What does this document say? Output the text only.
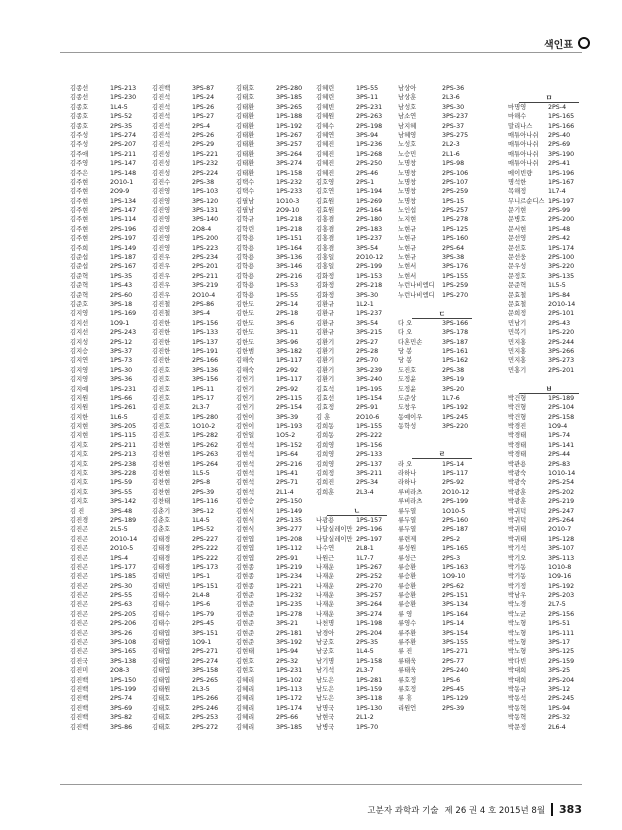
색인표
김종선	1PS-213
김종선	1PS-230
김종호	1L4-5
김종호	1PS-52
김종호	2PS-35
김주성	1PS-274
김주성	2PS-207
김주애	1PS-211
김주영	1PS-147
김주은	1PS-148
김주현	2O10-1
김주현	2O9-9
김주현	1PS-134
김주현	2PS-147
김주현	1PS-114
김주현	2PS-196
김주현	2PS-197
김주희	1PS-149
김준섭	1PS-187
김준섭	2PS-167
김준혁	1PS-35
김준혁	1PS-43
김준혁	2PS-60
김준호	3PS-18
김지영	1PS-169
김지선	1O9-1
김지선	2PS-243
김지성	2PS-12
김지승	3PS-37
김지연	1PS-73
김지영	1PS-30
김지영	3PS-36
김지예	1PS-231
김지원	1PS-66
김지원	1PS-261
김지한	1L6-5
김지현	3PS-205
김지현	1PS-115
김지호	2PS-211
김지호	2PS-213
김지호	2PS-238
김지호	3PS-228
김지호	1PS-59
김지호	3PS-55
김지호	3PS-142
김 진	3PS-48
김진경	2PS-189
김진곤	2L5-5
김진곤	2O10-14
김진곤	2O10-5
김진곤	1PS-4
김진곤	1PS-177
김진곤	1PS-185
김진곤	2PS-30
김진곤	2PS-55
김진곤	2PS-63
김진곤	2PS-205
김진곤	2PS-206
김진곤	3PS-26
김진곤	3PS-108
김진곤	3PS-165
김진국	3PS-138
김진미	2O8-3
김진백	1PS-150
김진백	1PS-199
김진백	2PS-74
김진백	3PS-69
김진백	3PS-82
김진백	3PS-86
김진백	3PS-87
김진석	1PS-24
김진석	1PS-26
김진석	1PS-27
김진석	2PS-4
김진석	2PS-26
김진석	2PS-29
김진성	1PS-221
김진성	1PS-232
김진성	2PS-224
김진수	2PS-38
김진영	1PS-103
김진영	3PS-120
김진영	3PS-131
김진영	3PS-140
김진영	2O8-4
김진영	1PS-200
김진영	1PS-223
김진우	2PS-234
김진우	2PS-201
김진우	2PS-211
김진우	3PS-219
김진우	2O10-4
김진철	2PS-86
김진철	3PS-4
김진한	1PS-156
김진한	1PS-133
김진한	1PS-137
김진한	1PS-191
김진한	2PS-166
김진호	3PS-136
김진호	3PS-156
김진호	1PS-11
김진호	1PS-17
김진호	2L3-7
김진호	1PS-280
김진호	1O10-2
김진호	1PS-282
김찬현	1PS-262
김찬현	1PS-263
김찬현	1PS-264
김찬현	1L5-5
김찬현	2PS-8
김찬현	2PS-39
김찬태	1PS-116
김춘기	3PS-12
김춘호	1L4-5
김춘호	1PS-52
김태경	2PS-227
김태경	2PS-222
김태경	1PS-222
김태경	1PS-173
김태민	1PS-1
김태민	1PS-151
김태수	2L4-8
김태수	1PS-6
김태수	1PS-79
김태수	2PS-45
김태엽	3PS-151
김태엽	1O9-1
김태엽	2PS-271
김태엽	2PS-274
김태엽	3PS-158
김태엽	2PS-265
김태원	2L3-5
김태호	1PS-266
김태호	2PS-246
김태호	2PS-253
김태호	2PS-272
김태호	2PS-280
김태호	3PS-185
김태환	3PS-265
김태환	1PS-188
김태환	1PS-192
김태환	1PS-267
김태환	3PS-257
김태환	3PS-264
김태환	3PS-274
김태환	1PS-158
김택수	1PS-232
김택수	1PS-233
김필남	1O10-3
김필남	2O9-10
김학규	1PS-218
김학린	1PS-218
김학용	1PS-151
김학용	1PS-164
김학용	3PS-136
김학용	3PS-146
김학용	2PS-216
김학용	1PS-53
김학용	1PS-55
김한도	2PS-14
김한도	2PS-18
김한도	3PS-6
김한도	3PS-11
김한도	3PS-96
김한범	3PS-182
김해숙	1PS-117
김해숙	2PS-92
김헌기	1PS-117
김헌기	2PS-92
김헌기	2PS-115
김헌기	2PS-154
김헌이	3PS-39
김헌이	1PS-193
김헌일	1O5-2
김현석	1PS-152
김현석	1PS-64
김현석	2PS-216
김현석	1PS-41
김현석	2PS-71
김현석	2L1-4
김현승	2PS-150
김현식	1PS-149
김현식	2PS-135
김현식	3PS-277
김현엽	1PS-208
김현엽	1PS-112
김현엽	2PS-91
김현종	1PS-219
김현종	1PS-234
김현종	1PS-221
김현준	1PS-232
김현준	1PS-235
김현준	1PS-278
김현준	3PS-21
김현준	2PS-181
김현준	3PS-192
김현태	1PS-94
김현호	2PS-32
김현호	1PS-231
김혜리	1PS-102
김혜리	1PS-113
김혜리	1PS-172
김혜리	1PS-174
김혜리	2PS-66
김혜리	3PS-185
김혜린	1PS-55
김혜린	3PS-11
김혜빈	2PS-231
김혜원	2PS-263
김혜수	2PS-198
김혜연	3PS-94
김혜진	1PS-236
김혜진	1PS-268
김혜진	2PS-250
김혜진	2PS-46
김호영	2PS-1
김호연	1PS-194
김효원	1PS-269
김효원	2PS-164
김홍겸	2PS-180
김홍겸	2PS-183
김홍겸	1PS-237
김홍겸	3PS-54
김홍일	2O10-12
김홍일	2PS-199
김화정	1PS-153
김화정	2PS-218
김화정	3PS-30
김환규	1L2-1
김환규	1PS-237
김환규	3PS-54
김환규	3PS-215
김환기	2PS-27
김환기	2PS-28
김환기	2PS-70
김환기	3PS-239
김환기	3PS-240
김효석	1PS-195
김효선	1PS-154
김효정	2PS-91
김 훈	2O10-6
김희동	1PS-155
김희동	2PS-222
김희영	1PS-156
김희영	2PS-133
김희영	2PS-137
김희정	3PS-211
김희진	2PS-34
김희훈	2L3-4
ㄴ
나광용	1PS-157
나달실레이만 2PS-196
나달실레이만 2PS-197
나수연	2L8-1
나원근	1L7-7
나재운	1PS-267
나재운	2PS-252
나재운	2PS-270
나재운	3PS-257
나재운	3PS-264
나재운	3PS-274
나천명	1PS-198
남경아	2PS-204
남궁호	2PS-35
남궁호	1L4-5
남기명	1PS-158
남기석	2L3-7
남도은	1PS-281
남도은	1PS-159
남도은	3PS-118
남명국	1PS-130
남현국	2L1-2
남병국	1PS-70
남상아	2PS-36
남상훈	2L3-6
남성호	3PS-30
남소연	3PS-237
남지혜	2PS-37
남혜영	3PS-275
노성호	2L2-3
노승민	2L1-6
노명창	1PS-98
노명창	2PS-106
노명창	2PS-107
노명창	2PS-259
노명창	1PS-15
노인섭	2PS-257
노지현	1PS-278
노현규	1PS-125
노현규	1PS-160
노현규	2PS-64
노현규	3PS-38
노현서	3PS-176
노현서	1PS-155
누런나비엠디	1PS-259
누런나비엠디	1PS-270
ㄷ
다 오	3PS-166
다 오	3PS-178
다혼민손	3PS-187
당 봉	1PS-161
당 봉	1PS-162
도진호	2PS-38
도정윤	3PS-19
도정윤	3PS-20
도준상	1L7-6
도창우	1PS-192
동예이우	1PS-245
동학성	3PS-220
ㄹ
라 오	1PS-14
라하나	1PS-117
라하나	2PS-92
루비라츠	2O10-12
루비라츠	2PS-199
류두열	1O10-5
류두열	2PS-160
류두열	2PS-187
류련제	2PS-2
류성원	1PS-165
류성근	2PS-3
류승환	1PS-163
류승환	1O9-10
류승환	2PS-62
류승환	2PS-151
류승환	3PS-134
류 영	1PS-164
류영수	1PS-14
류주환	3PS-154
류주환	3PS-155
류 진	1PS-271
류태욱	2PS-77
류태욱	2PS-240
류호정	1PS-6
류호정	2PS-45
류 휴	1PS-129
리원언	2PS-39
ㅁ
마명영	2PS-4
마해수	1PS-165
말리나스	1PS-166
매튜아나쉬	2PS-40
매튜아나쉬	2PS-69
매튜아나쉬	3PS-190
매튜아나쉬	2PS-41
메이빈량	1PS-196
명석한	1PS-167
목해정	1L7-4
무니르순디스 1PS-197
문기현	2PS-99
문병호	2PS-200
문서현	1PS-48
문선영	2PS-42
문선호	1PS-174
문선웅	2PS-100
문우성	3PS-220
문정호	3PS-135
문준혁	1L5-5
문효철	1PS-84
문효철	2O10-14
문희정	2PS-101
민남기	2PS-43
민복기	1PS-220
민지홍	2PS-244
민지홍	3PS-266
민지홍	3PS-273
민홍기	2PS-201
ㅂ
박건형	1PS-189
박건형	2PS-104
박건형	2PS-158
박경진	1O9-4
박경태	1PS-74
박경태	1PS-141
박경태	2PS-44
박관용	2PS-83
박광숙	1O10-14
박광숙	2PS-254
박광훈	2PS-202
박광훈	2PS-219
박귀덕	2PS-247
박귀덕	2PS-264
박귀태	2O10-7
박귀태	1PS-128
박기석	3PS-107
박기오	3PS-113
박기동	1O10-8
박기동	1O9-16
박기정	1PS-192
박남우	2PS-203
박노경	2L7-5
박노균	2PS-156
박노형	1PS-51
박노형	1PS-111
박노형	3PS-17
박노형	3PS-125
박다빈	2PS-159
박대희	3PS-25
박대희	2PS-204
박동규	3PS-12
박동석	2PS-245
박동혁	1PS-94
박동혁	2PS-32
박문정	2L6-4
고분자 과학과 기술 제 26 권 4 호 2015년 8월	383
